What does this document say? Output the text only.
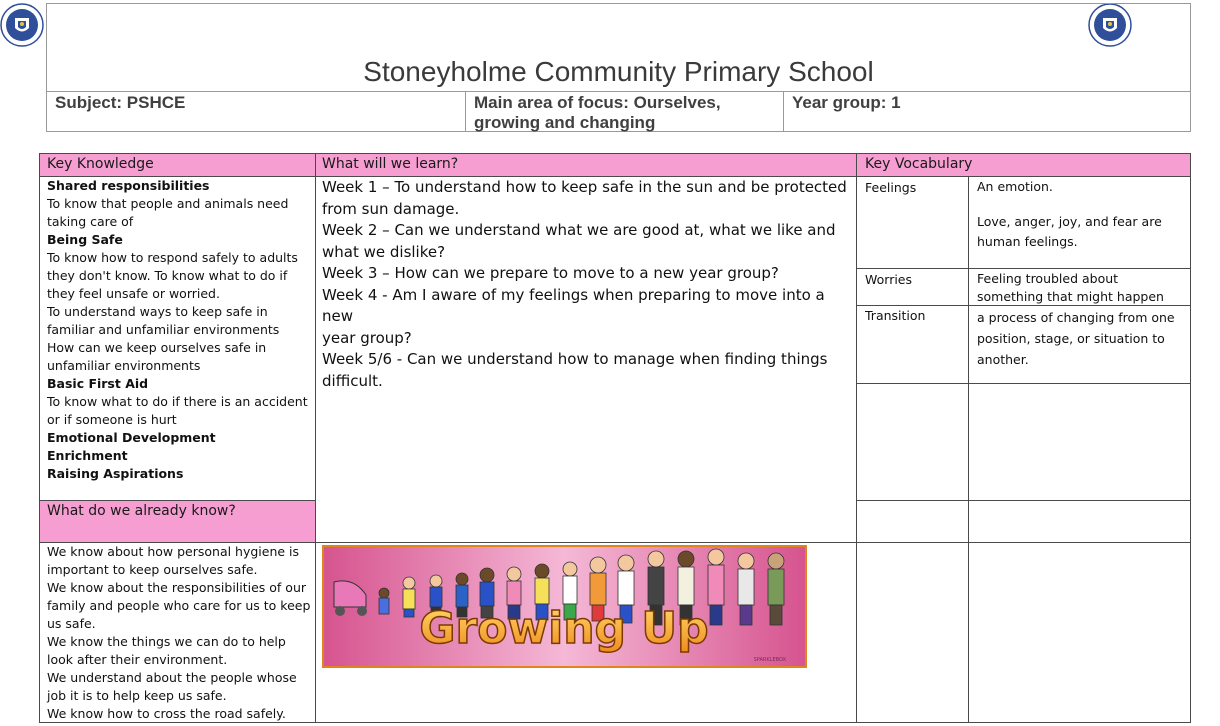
Stoneyholme Community Primary School
Subject: PSHCE	Main area of focus: Ourselves,
growing and changing
Year group: 1
Key Knowledge	What will we learn?	Key Vocabulary
What do we already know?
Shared responsibilities
To know that people and animals need
taking care of
Being Safe
To know how to respond safely to adults
they don't know. To know what to do if
they feel unsafe or worried.
To understand ways to keep safe in
familiar and unfamiliar environments
How can we keep ourselves safe in
unfamiliar environments
Basic First Aid
To know what to do if there is an accident
or if someone is hurt
Emotional Development
Enrichment
Raising Aspirations
Week 1 – To understand how to keep safe in the sun and be protected
from sun damage.
Week 2 – Can we understand what we are good at, what we like and
what we dislike?
Week 3 – How can we prepare to move to a new year group?
Week 4 - Am I aware of my feelings when preparing to move into a new
year group?
Week 5/6 - Can we understand how to manage when finding things
difficult.
We know about how personal hygiene is
important to keep ourselves safe.
We know about the responsibilities of our
family and people who care for us to keep
us safe.
We know the things we can do to help
look after their environment.
We understand about the people whose
job it is to help keep us safe.
We know how to cross the road safely.
Feelings	An emotion.
Love, anger, joy, and fear are
human feelings.
Worries	Feeling troubled about
something that might happen
Transition	a process of changing from one
position, stage, or situation to
another.
Growing Up
SPARKLEBOX
